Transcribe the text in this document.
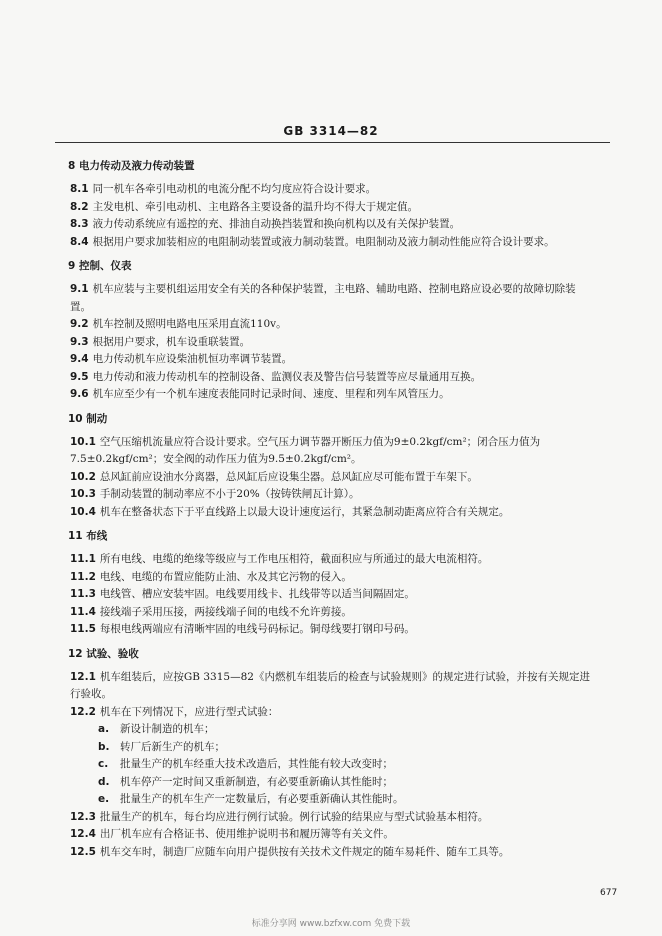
GB 3314—82
8 电力传动及液力传动装置
8.1 同一机车各牵引电动机的电流分配不均匀度应符合设计要求。
8.2 主发电机、牵引电动机、主电路各主要设备的温升均不得大于规定值。
8.3 液力传动系统应有遥控的充、排油自动换挡装置和换向机构以及有关保护装置。
8.4 根据用户要求加装相应的电阻制动装置或液力制动装置。电阻制动及液力制动性能应符合设计要求。
9 控制、仪表
9.1 机车应装与主要机组运用安全有关的各种保护装置，主电路、辅助电路、控制电路应设必要的故障切除装置。
9.2 机车控制及照明电路电压采用直流110v。
9.3 根据用户要求，机车设重联装置。
9.4 电力传动机车应设柴油机恒功率调节装置。
9.5 电力传动和液力传动机车的控制设备、监测仪表及警告信号装置等应尽量通用互换。
9.6 机车应至少有一个机车速度表能同时记录时间、速度、里程和列车风管压力。
10 制动
10.1 空气压缩机流量应符合设计要求。空气压力调节器开断压力值为9±0.2kgf/cm²；闭合压力值为7.5±0.2kgf/cm²；安全阀的动作压力值为9.5±0.2kgf/cm²。
10.2 总风缸前应设油水分离器，总风缸后应设集尘器。总风缸应尽可能布置于车架下。
10.3 手制动装置的制动率应不小于20%（按铸铁闸瓦计算）。
10.4 机车在整备状态下于平直线路上以最大设计速度运行，其紧急制动距离应符合有关规定。
11 布线
11.1 所有电线、电缆的绝缘等级应与工作电压相符，截面积应与所通过的最大电流相符。
11.2 电线、电缆的布置应能防止油、水及其它污物的侵入。
11.3 电线管、槽应安装牢固。电线要用线卡、扎线带等以适当间隔固定。
11.4 接线端子采用压接，两接线端子间的电线不允许剪接。
11.5 每根电线两端应有清晰牢固的电线号码标记。铜母线要打钢印号码。
12 试验、验收
12.1 机车组装后，应按GB 3315—82《内燃机车组装后的检查与试验规则》的规定进行试验，并按有关规定进行验收。
12.2 机车在下列情况下，应进行型式试验：
a. 新设计制造的机车；
b. 转厂后新生产的机车；
c. 批量生产的机车经重大技术改造后，其性能有较大改变时；
d. 机车停产一定时间又重新制造，有必要重新确认其性能时；
e. 批量生产的机车生产一定数量后，有必要重新确认其性能时。
12.3 批量生产的机车，每台均应进行例行试验。例行试验的结果应与型式试验基本相符。
12.4 出厂机车应有合格证书、使用维护说明书和履历簿等有关文件。
12.5 机车交车时，制造厂应随车向用户提供按有关技术文件规定的随车易耗件、随车工具等。
677
标准分享网 www.bzfxw.com 免费下载
